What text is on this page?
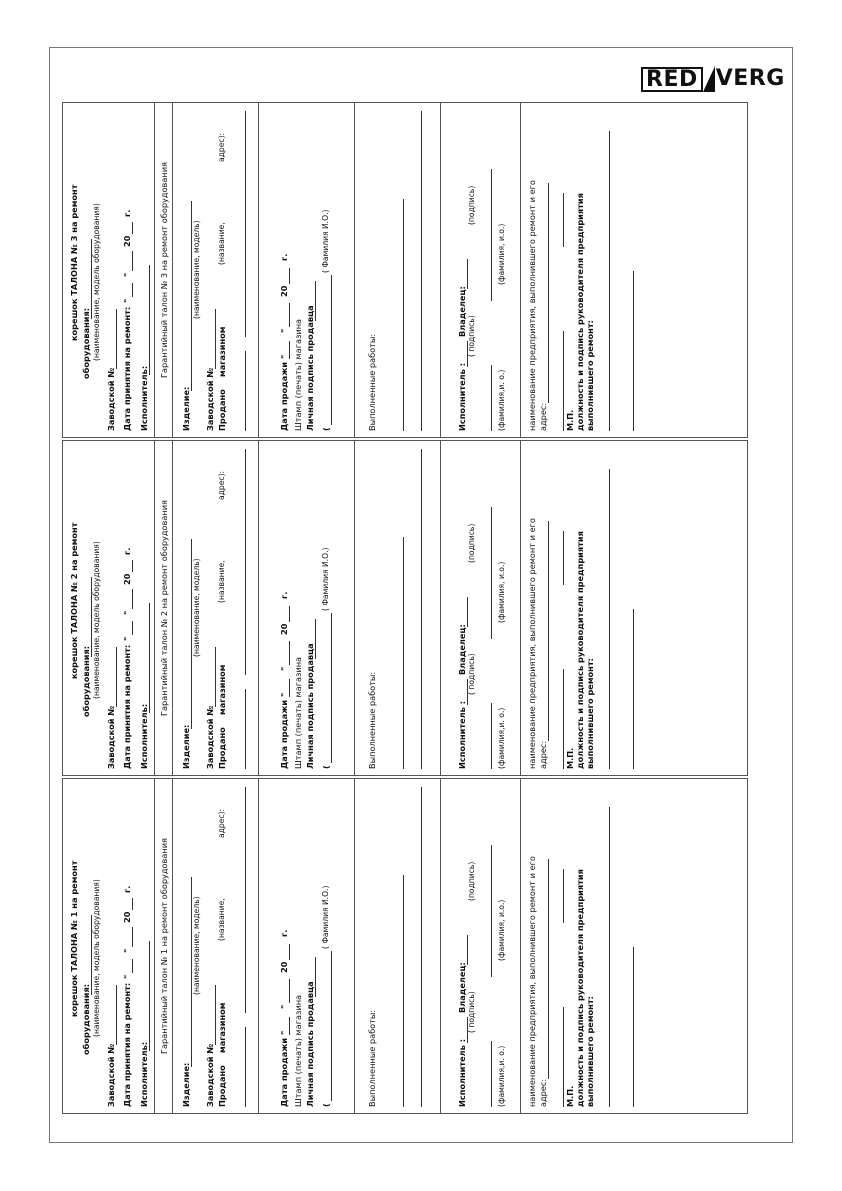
RED VERG
корешок ТАЛОНА № 1 на ремонт
оборудования: (наименование, модель оборудования)
Заводской № Дата принятия на ремонт:
"
"
20
г.
Исполнитель:
Гарантийный талон № 1 на ремонт оборудования
Изделие:
(наименование, модель)
Заводской № Продано
магазином
(название,
адрес):
Дата продажи "
"
20
г.
Штамп (печать) магазина Личная подпись продавца (
( Фамилия И.О.)
Выполненные работы:	Исполнитель :
Владелец: ( подпись)
(подпись)
(фамилия,и. о.)
(фамилия, и.о.)	наименование предприятия, выполнившего ремонт и его адрес: М.П. должность и подпись руководителя предприятия выполнившего ремонт:
корешок ТАЛОНА № 2 на ремонт
оборудования: (наименование, модель оборудования)
Заводской № Дата принятия на ремонт:
"
"
20
г.
Исполнитель:
Гарантийный талон № 2 на ремонт оборудования
Изделие:
(наименование, модель)
Заводской № Продано
магазином
(название,
адрес):
Дата продажи "
"
20
г.
Штамп (печать) магазина Личная подпись продавца (
( Фамилия И.О.)
Выполненные работы:	Исполнитель :
Владелец: ( подпись)
(подпись)
(фамилия,и. о.)
(фамилия, и.о.)	наименование предприятия, выполнившего ремонт и его адрес: М.П. должность и подпись руководителя предприятия выполнившего ремонт:
корешок ТАЛОНА № 3 на ремонт
оборудования: (наименование, модель оборудования)
Заводской № Дата принятия на ремонт:
"
"
20
г.
Исполнитель:
Гарантийный талон № 3 на ремонт оборудования
Изделие:
(наименование, модель)
Заводской № Продано
магазином
(название,
адрес):
Дата продажи "
"
20
г.
Штамп (печать) магазина Личная подпись продавца (
( Фамилия И.О.)
Выполненные работы:	Исполнитель :
Владелец: ( подпись)
(подпись)
(фамилия,и. о.)
(фамилия, и.о.)	наименование предприятия, выполнившего ремонт и его адрес: М.П. должность и подпись руководителя предприятия выполнившего ремонт:
